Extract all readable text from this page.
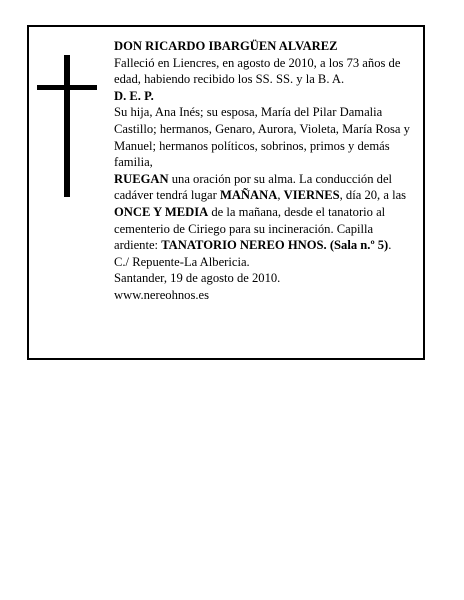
DON RICARDO IBARGÜEN ALVAREZ

Falleció en Liencres, en agosto de 2010, a los 73 años de edad, habiendo recibido los SS. SS. y la B. A.

D. E. P.

Su hija, Ana Inés; su esposa, María del Pilar Damalia Castillo; hermanos, Genaro, Aurora, Violeta, María Rosa y Manuel; hermanos políticos, sobrinos, primos y demás familia,

RUEGAN una oración por su alma. La conducción del cadáver tendrá lugar MAÑANA, VIERNES, día 20, a las ONCE Y MEDIA de la mañana, desde el tanatorio al cementerio de Ciriego para su incineración. Capilla ardiente: TANATORIO NEREO HNOS. (Sala n.º 5).

C./ Repuente-La Albericia.

Santander, 19 de agosto de 2010.

www.nereohnos.es
